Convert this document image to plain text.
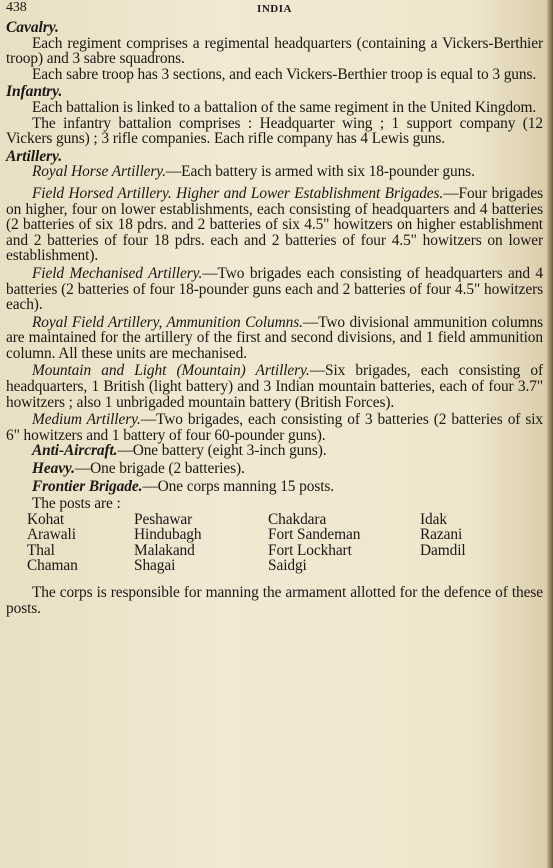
438	INDIA
Cavalry.

Each regiment comprises a regimental headquarters (containing a Vickers-Berthier troop) and 3 sabre squadrons.

Each sabre troop has 3 sections, and each Vickers-Berthier troop is equal to 3 guns.

Infantry.

Each battalion is linked to a battalion of the same regiment in the United Kingdom.

The infantry battalion comprises : Headquarter wing ; 1 support company (12 Vickers guns) ; 3 rifle companies. Each rifle company has 4 Lewis guns.

Artillery.

Royal Horse Artillery.—Each battery is armed with six 18-pounder guns.

Field Horsed Artillery. Higher and Lower Establishment Brigades.—Four brigades on higher, four on lower establishments, each consisting of headquarters and 4 batteries (2 batteries of six 18 pdrs. and 2 batteries of six 4.5" howitzers on higher establishment and 2 batteries of four 18 pdrs. each and 2 batteries of four 4.5" howitzers on lower establishment).

Field Mechanised Artillery.—Two brigades each consisting of headquarters and 4 batteries (2 batteries of four 18-pounder guns each and 2 batteries of four 4.5" howitzers each).

Royal Field Artillery, Ammunition Columns.—Two divisional ammunition columns are maintained for the artillery of the first and second divisions, and 1 field ammunition column. All these units are mechanised.

Mountain and Light (Mountain) Artillery.—Six brigades, each consisting of headquarters, 1 British (light battery) and 3 Indian mountain batteries, each of four 3.7" howitzers ; also 1 unbrigaded mountain battery (British Forces).

Medium Artillery.—Two brigades, each consisting of 3 batteries (2 batteries of six 6" howitzers and 1 battery of four 60-pounder guns).

Anti-Aircraft.—One battery (eight 3-inch guns).

Heavy.—One brigade (2 batteries).

Frontier Brigade.—One corps manning 15 posts.

The posts are :

Kohat	Peshawar	Chakdara	Idak
Arawali	Hindubagh	Fort Sandeman	Razani
Thal	Malakand	Fort Lockhart	Damdil
Chaman	Shagai	Saidgi

The corps is responsible for manning the armament allotted for the defence of these posts.
